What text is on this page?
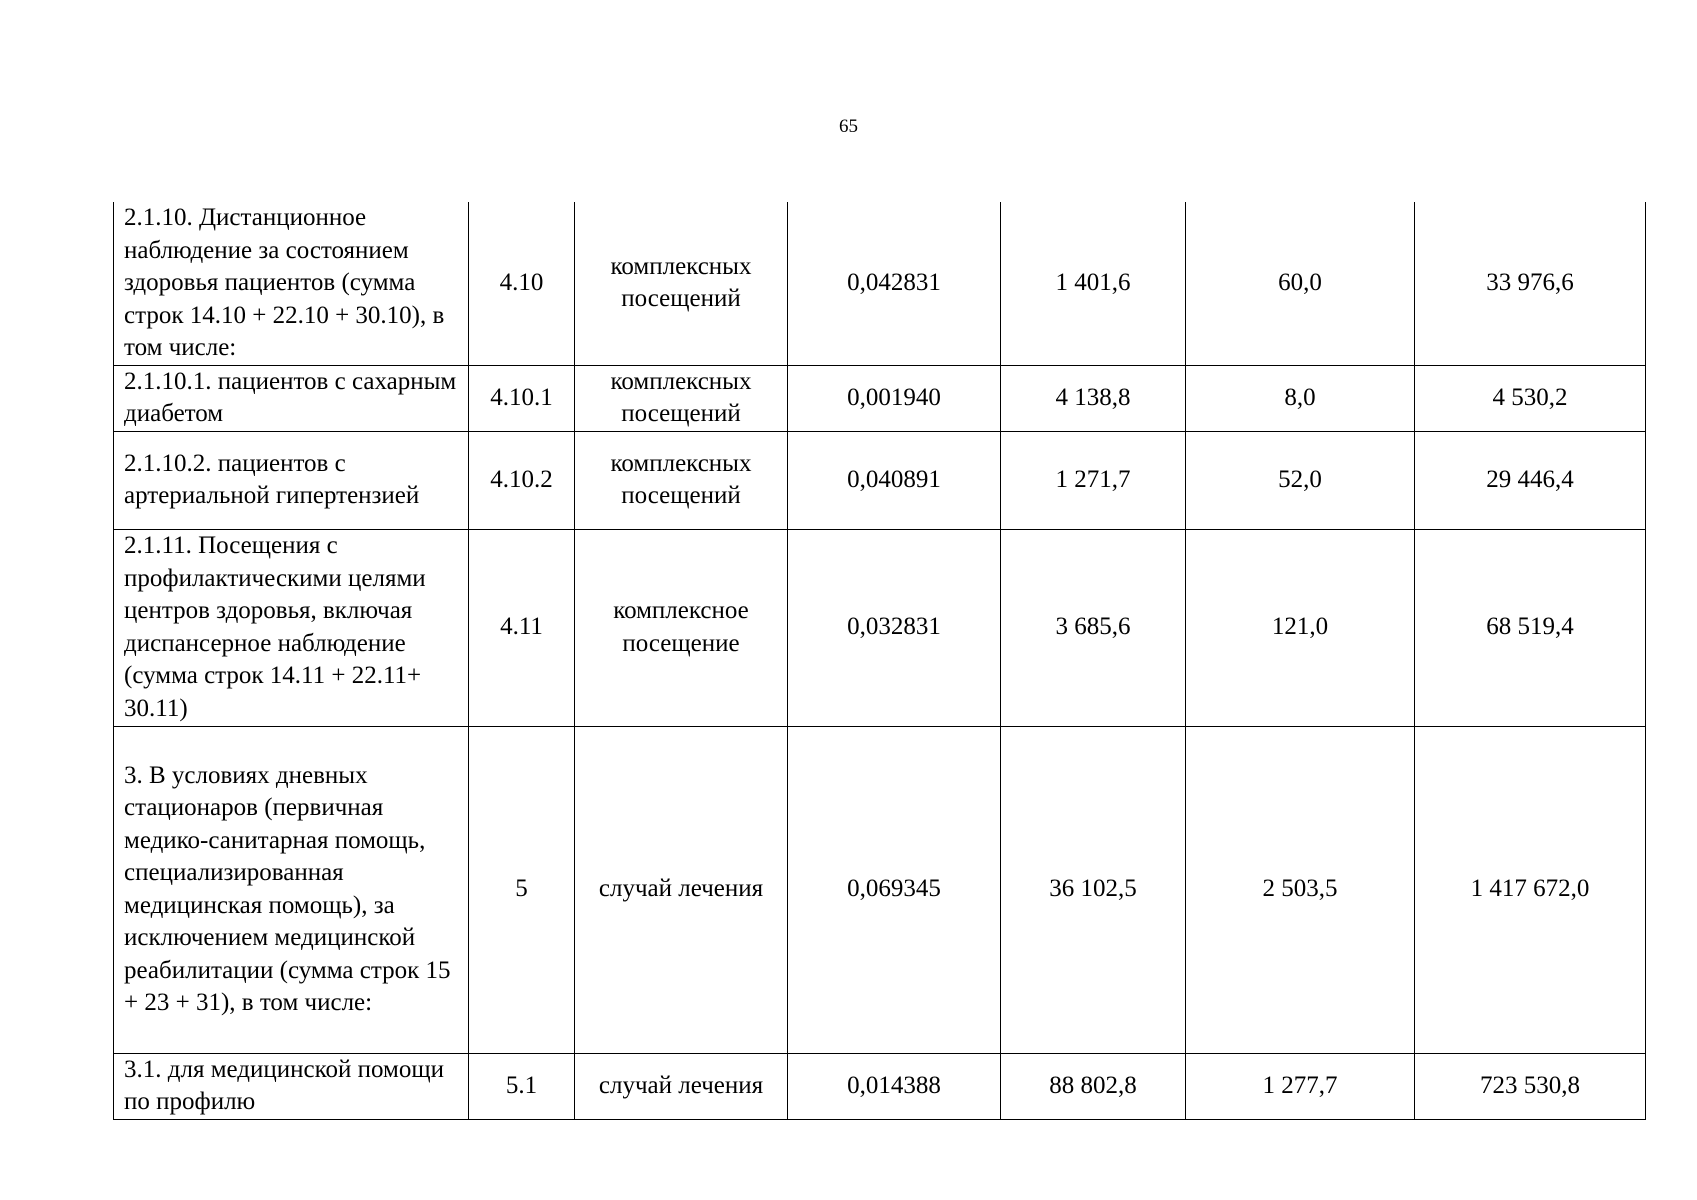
65
2.1.10. Дистанционное наблюдение за состоянием здоровья пациентов (сумма строк 14.10 + 22.10 + 30.10), в том числе:	4.10	комплексных посещений	0,042831	1 401,6	60,0	33 976,6
2.1.10.1. пациентов с сахарным диабетом	4.10.1	комплексных посещений	0,001940	4 138,8	8,0	4 530,2
2.1.10.2. пациентов с артериальной гипертензией	4.10.2	комплексных посещений	0,040891	1 271,7	52,0	29 446,4
2.1.11. Посещения с профилактическими целями центров здоровья, включая диспансерное наблюдение (сумма строк 14.11 + 22.11+ 30.11)	4.11	комплексное посещение	0,032831	3 685,6	121,0	68 519,4
3. В условиях дневных стационаров (первичная медико-санитарная помощь, специализированная медицинская помощь), за исключением медицинской реабилитации (сумма строк 15 + 23 + 31), в том числе:	5	случай лечения	0,069345	36 102,5	2 503,5	1 417 672,0
3.1. для медицинской помощи по профилю	5.1	случай лечения	0,014388	88 802,8	1 277,7	723 530,8
